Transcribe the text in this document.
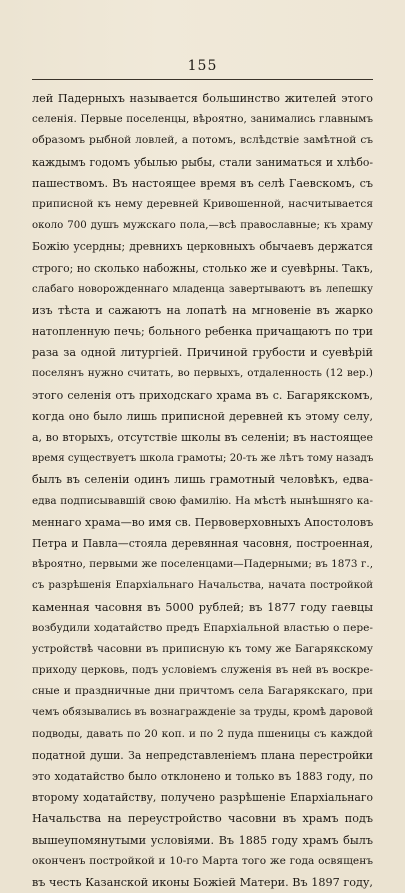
155
лей Падерныхъ называется большинство жителей этого
селенія. Первые поселенцы, вѣроятно, занимались главнымъ
образомъ рыбной ловлей, а потомъ, вслѣдствіе замѣтной съ
каждымъ годомъ убылью рыбы, стали заниматься и хлѣбо-
пашествомъ. Въ настоящее время въ селѣ Гаевскомъ, съ
приписной къ нему деревней Кривошенной, насчитывается
около 700 душъ мужскаго пола,—всѣ православные; къ храму
Божію усердны; древнихъ церковныхъ обычаевъ держатся
строго; но сколько набожны, столько же и суевѣрны. Такъ,
слабаго новорожденнаго младенца завертываютъ въ лепешку
изъ тѣста и сажаютъ на лопатѣ на мгновеніе въ жарко
натопленную печь; больного ребенка причащаютъ по три
раза за одной литургіей. Причиной грубости и суевѣрій
поселянъ нужно считать, во первыхъ, отдаленность (12 вер.)
этого селенія отъ приходскаго храма въ с. Багарякскомъ,
когда оно было лишь приписной деревней къ этому селу,
а, во вторыхъ, отсутствіе школы въ селеніи; въ настоящее
время существуетъ школа грамоты; 20-ть же лѣтъ тому назадъ
былъ въ селеніи одинъ лишь грамотный человѣкъ, едва-
едва подписывавшій свою фамилію. На мѣстѣ нынѣшняго ка-
меннаго храма—во имя св. Первоверховныхъ Апостоловъ
Петра и Павла—стояла деревянная часовня, построенная,
вѣроятно, первыми же поселенцами—Падерными; въ 1873 г.,
съ разрѣшенія Епархіальнаго Начальства, начата постройкой
каменная часовня въ 5000 рублей; въ 1877 году гаевцы
возбудили ходатайство предъ Епархіальной властью о пере-
устройствѣ часовни въ приписную къ тому же Багарякскому
приходу церковь, подъ условіемъ служенія въ ней въ воскре-
сные и праздничные дни причтомъ села Багарякскаго, при
чемъ обязывались въ вознагражденіе за труды, кромѣ даровой
подводы, давать по 20 коп. и по 2 пуда пшеницы съ каждой
податной души. За непредставленіемъ плана перестройки
это ходатайство было отклонено и только въ 1883 году, по
второму ходатайству, получено разрѣшеніе Епархіальнаго
Начальства на переустройство часовни въ храмъ подъ
вышеупомянутыми условіями. Въ 1885 году храмъ былъ
оконченъ постройкой и 10-го Марта того же года освященъ
въ честь Казанской иконы Божіей Матери. Въ 1897 году,
